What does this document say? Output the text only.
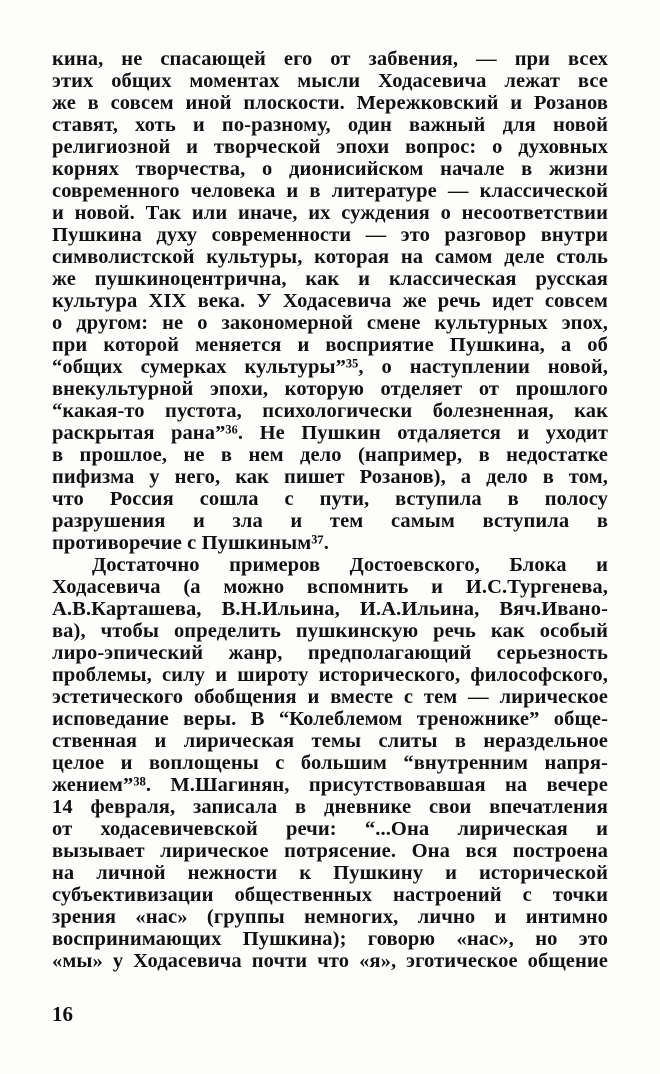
кина, не спасающей его от забвения, — при всех
этих общих моментах мысли Ходасевича лежат все
же в совсем иной плоскости. Мережковский и Розанов
ставят, хоть и по-разному, один важный для новой
религиозной и творческой эпохи вопрос: о духовных
корнях творчества, о дионисийском начале в жизни
современного человека и в литературе — классической
и новой. Так или иначе, их суждения о несоответствии
Пушкина духу современности — это разговор внутри
символистской культуры, которая на самом деле столь
же пушкиноцентрична, как и классическая русская
культура XIX века. У Ходасевича же речь идет совсем
о другом: не о закономерной смене культурных эпох,
при которой меняется и восприятие Пушкина, а об
“общих сумерках культуры”³⁵, о наступлении новой,
внекультурной эпохи, которую отделяет от прошлого
“какая-то пустота, психологически болезненная, как
раскрытая рана”³⁶. Не Пушкин отдаляется и уходит
в прошлое, не в нем дело (например, в недостатке
пифизма у него, как пишет Розанов), а дело в том,
что Россия сошла с пути, вступила в полосу
разрушения и зла и тем самым вступила в
противоречие с Пушкиным³⁷.
Достаточно примеров Достоевского, Блока и
Ходасевича (а можно вспомнить и И.С.Тургенева,
А.В.Карташева, В.Н.Ильина, И.А.Ильина, Вяч.Ивано-
ва), чтобы определить пушкинскую речь как особый
лиро-эпический жанр, предполагающий серьезность
проблемы, силу и широту исторического, философского,
эстетического обобщения и вместе с тем — лирическое
исповедание веры. В “Колеблемом треножнике” обще-
ственная и лирическая темы слиты в нераздельное
целое и воплощены с большим “внутренним напря-
жением”³⁸. М.Шагинян, присутствовавшая на вечере
14 февраля, записала в дневнике свои впечатления
от ходасевичевской речи: “...Она лирическая и
вызывает лирическое потрясение. Она вся построена
на личной нежности к Пушкину и исторической
субъективизации общественных настроений с точки
зрения «нас» (группы немногих, лично и интимно
воспринимающих Пушкина); говорю «нас», но это
«мы» у Ходасевича почти что «я», эготическое общение
16
